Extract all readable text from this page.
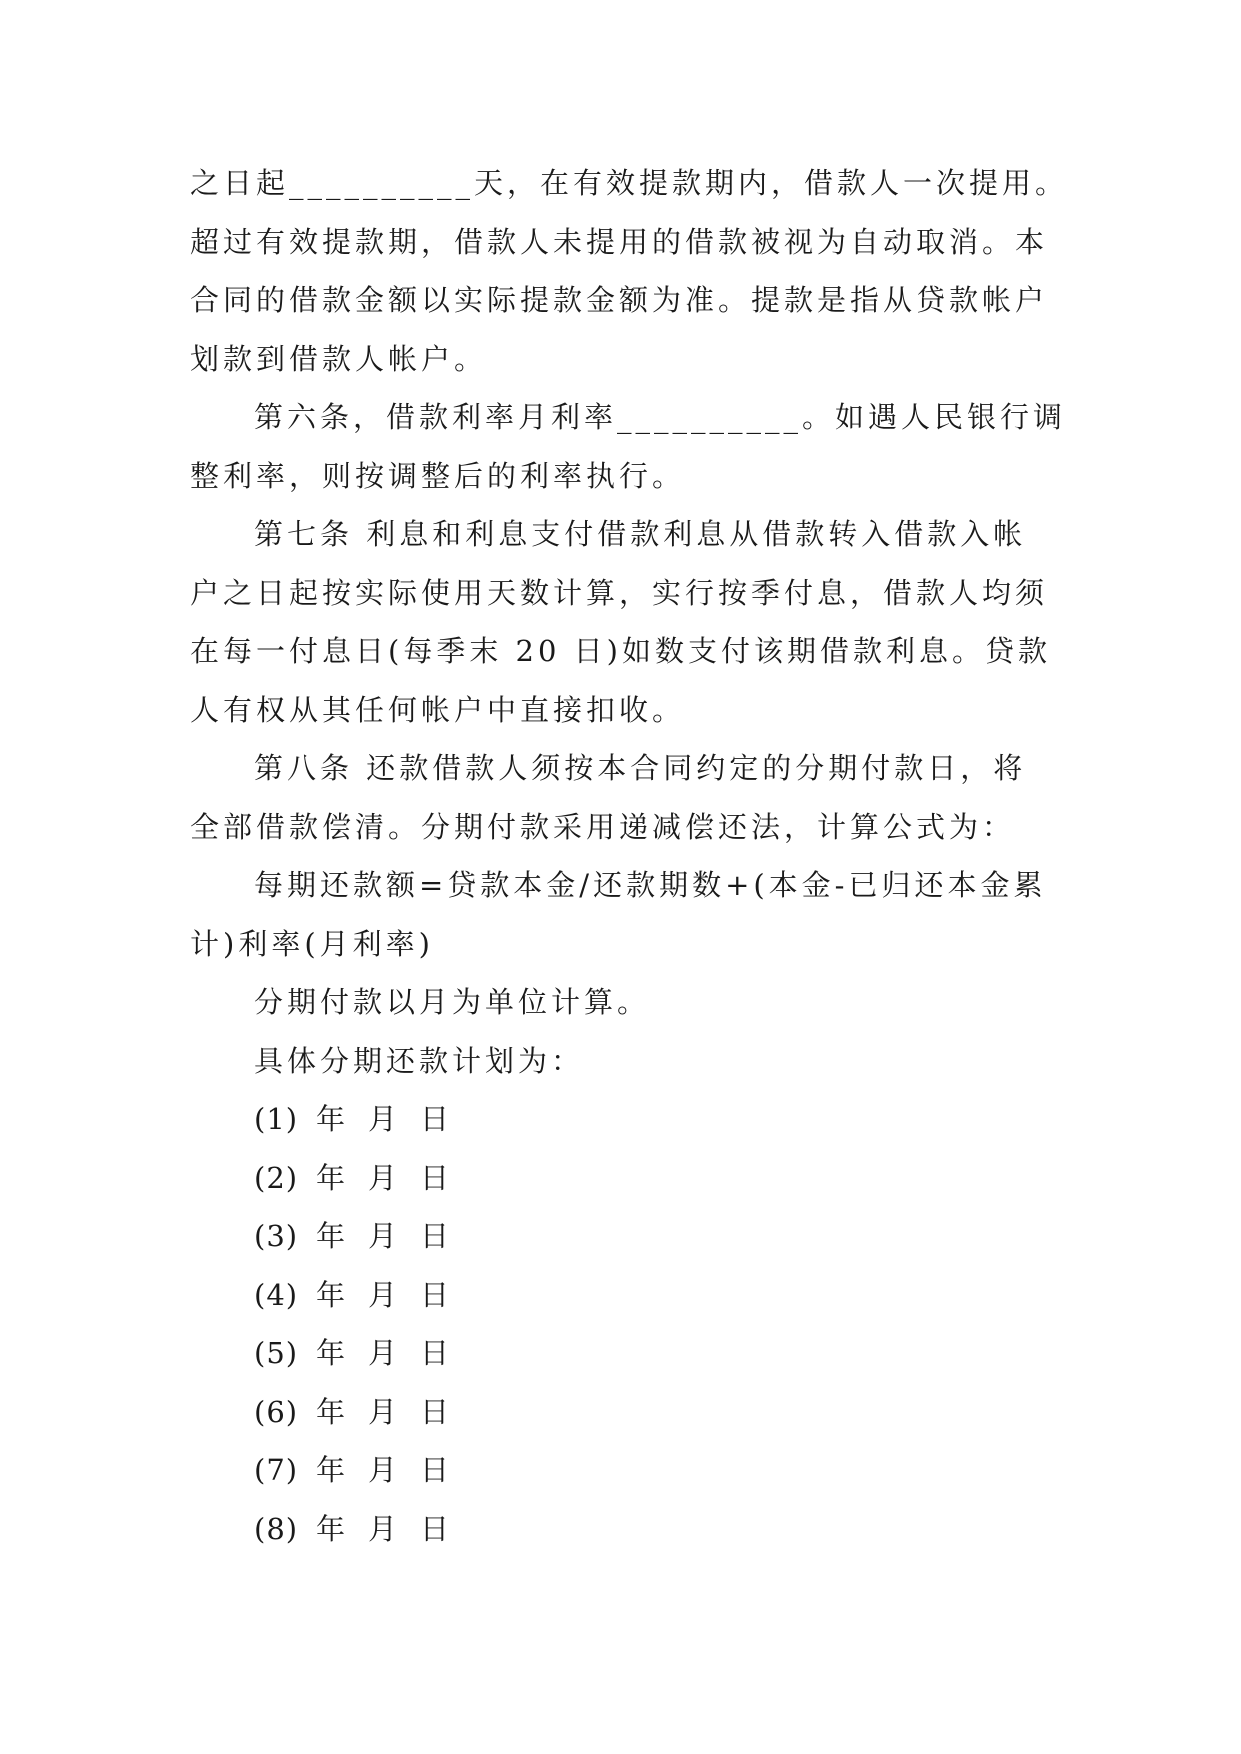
之日起__________天，在有效提款期内，借款人一次提用。
超过有效提款期，借款人未提用的借款被视为自动取消。本
合同的借款金额以实际提款金额为准。提款是指从贷款帐户
划款到借款人帐户。

第六条，借款利率月利率__________。如遇人民银行调
整利率，则按调整后的利率执行。

第七条 利息和利息支付借款利息从借款转入借款入帐
户之日起按实际使用天数计算，实行按季付息，借款人均须
在每一付息日(每季末 20 日)如数支付该期借款利息。贷款
人有权从其任何帐户中直接扣收。

第八条 还款借款人须按本合同约定的分期付款日，将
全部借款偿清。分期付款采用递减偿还法，计算公式为：

每期还款额=贷款本金/还款期数+(本金-已归还本金累
计)利率(月利率)

分期付款以月为单位计算。

具体分期还款计划为：

(1) 年 月 日
(2) 年 月 日
(3) 年 月 日
(4) 年 月 日
(5) 年 月 日
(6) 年 月 日
(7) 年 月 日
(8) 年 月 日
